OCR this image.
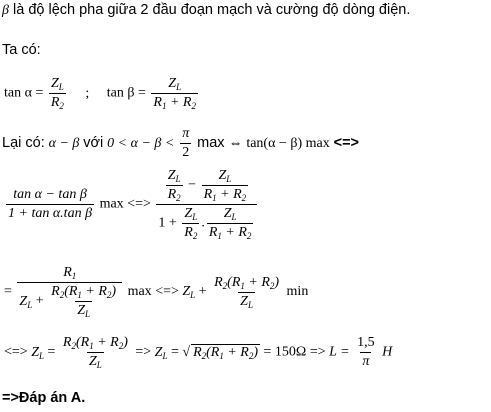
β là độ lệch pha giữa 2 đầu đoạn mạch và cường độ dòng điện.
Ta có:
$\tan \alpha = \frac{Z_L}{R_2}$ ; $\tan \beta = \frac{Z_L}{R_1 + R_2}$
Lại có: α − β với $0 < \alpha - \beta < \frac{\pi}{2}$ max ⇔ tan(α − β) max <=>
$\frac{\text{tan α − tan β}}{\text{1 + tan α.tan β}}$ max <=>
$\frac{Z_L}{R_2} - \frac{Z_L}{R_1 + R_2}$
$1 + \frac{Z_L}{R_2}$ . $\frac{Z_L}{R_1 + R_2}$
= $\frac{R_1}{Z_L + \frac{R_2(R_1 + R_2)}{Z_L}}$ max <=> $Z_L + \frac{R_2(R_1 + R_2)}{Z_L}$ min
<=> $Z_L = \frac{R_2(R_1 + R_2)}{Z_L} => Z_L$ = √ $R_2(R_1 + R_2) = 150\Omega => L = \frac{1,5}{\pi}$ H
=>Đáp án A.
